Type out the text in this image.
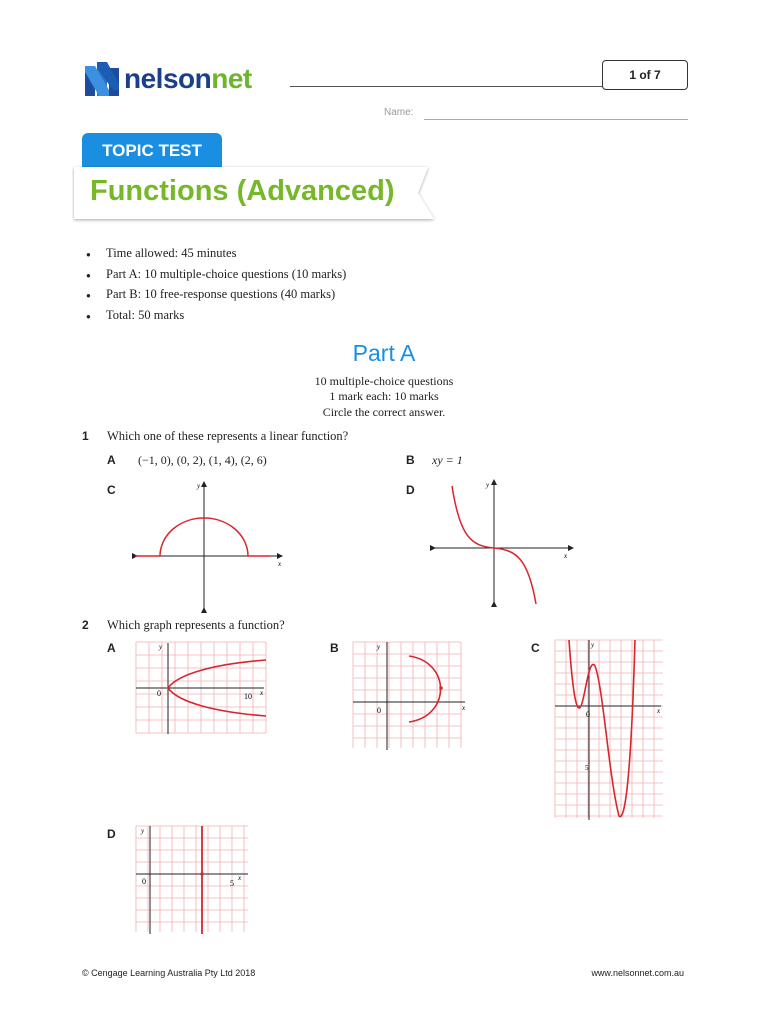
nelsonnet	1 of 7
Name:
TOPIC TEST
Functions (Advanced)
● Time allowed: 45 minutes
● Part A: 10 multiple-choice questions (10 marks)
● Part B: 10 free-response questions (40 marks)
● Total: 50 marks
Part A
10 multiple-choice questions
1 mark each: 10 marks
Circle the correct answer.
1 Which one of these represents a linear function?
A (−1, 0), (0, 2), (1, 4), (2, 6)	B xy = 1
C	y
x
D	y
x
2 Which graph represents a function?
A
0	10 x
y	B
0	x
y	C
0	x
y
5
D
0	5
x
y
© Cengage Learning Australia Pty Ltd 2018	www.nelsonnet.com.au
